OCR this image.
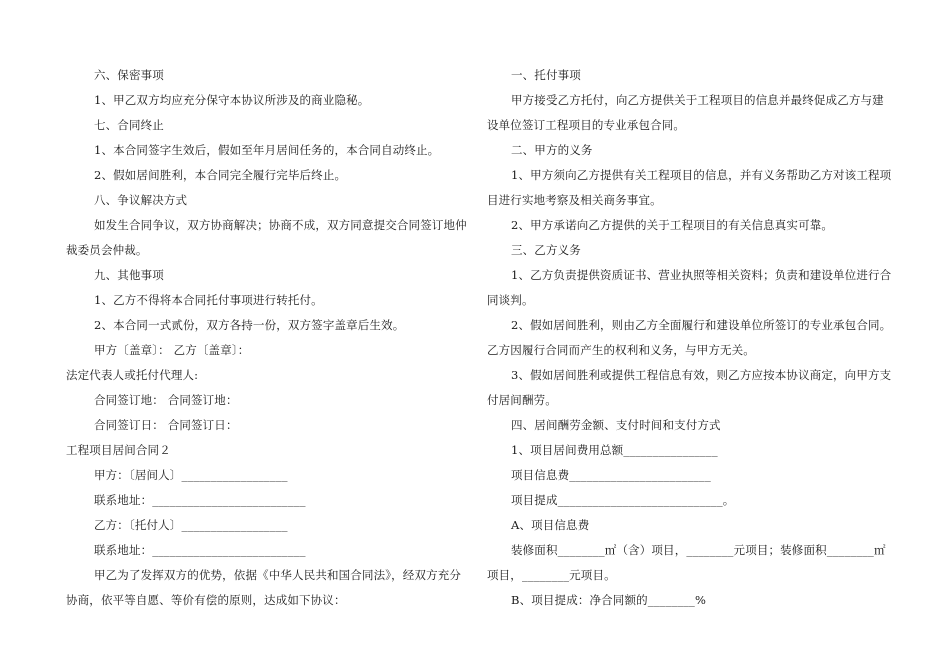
六、保密事项
1、甲乙双方均应充分保守本协议所涉及的商业隐秘。
七、合同终止
1、本合同签字生效后，假如至年月居间任务的，本合同自动终止。
2、假如居间胜利，本合同完全履行完毕后终止。
八、争议解决方式
如发生合同争议，双方协商解决；协商不成，双方同意提交合同签订地仲
裁委员会仲裁。
九、其他事项
1、乙方不得将本合同托付事项进行转托付。
2、本合同一式贰份，双方各持一份，双方签字盖章后生效。
甲方〔盖章〕： 乙方〔盖章〕：
法定代表人或托付代理人:
合同签订地： 合同签订地：
合同签订日： 合同签订日：
工程项目居间合同２
甲方：〔居间人〕__________________
联系地址：__________________________
乙方：〔托付人〕__________________
联系地址：__________________________
甲乙为了发挥双方的优势，依据《中华人民共和国合同法》，经双方充分
协商，依平等自愿、等价有偿的原则，达成如下协议：
一、托付事项
甲方接受乙方托付，向乙方提供关于工程项目的信息并最终促成乙方与建
设单位签订工程项目的专业承包合同。
二、甲方的义务
1、甲方须向乙方提供有关工程项目的信息，并有义务帮助乙方对该工程项
目进行实地考察及相关商务事宜。
2、甲方承诺向乙方提供的关于工程项目的有关信息真实可靠。
三、乙方义务
1、乙方负责提供资质证书、营业执照等相关资料；负责和建设单位进行合
同谈判。
2、假如居间胜利，则由乙方全面履行和建设单位所签订的专业承包合同。
乙方因履行合同而产生的权利和义务，与甲方无关。
3、假如居间胜利或提供工程信息有效，则乙方应按本协议商定，向甲方支
付居间酬劳。
四、居间酬劳金额、支付时间和支付方式
1、项目居间费用总额________________
项目信息费________________________
项目提成____________________________。
A、项目信息费
装修面积________㎡（含）项目，________元项目；装修面积________㎡
项目，________元项目。
B、项目提成：净合同额的________%
